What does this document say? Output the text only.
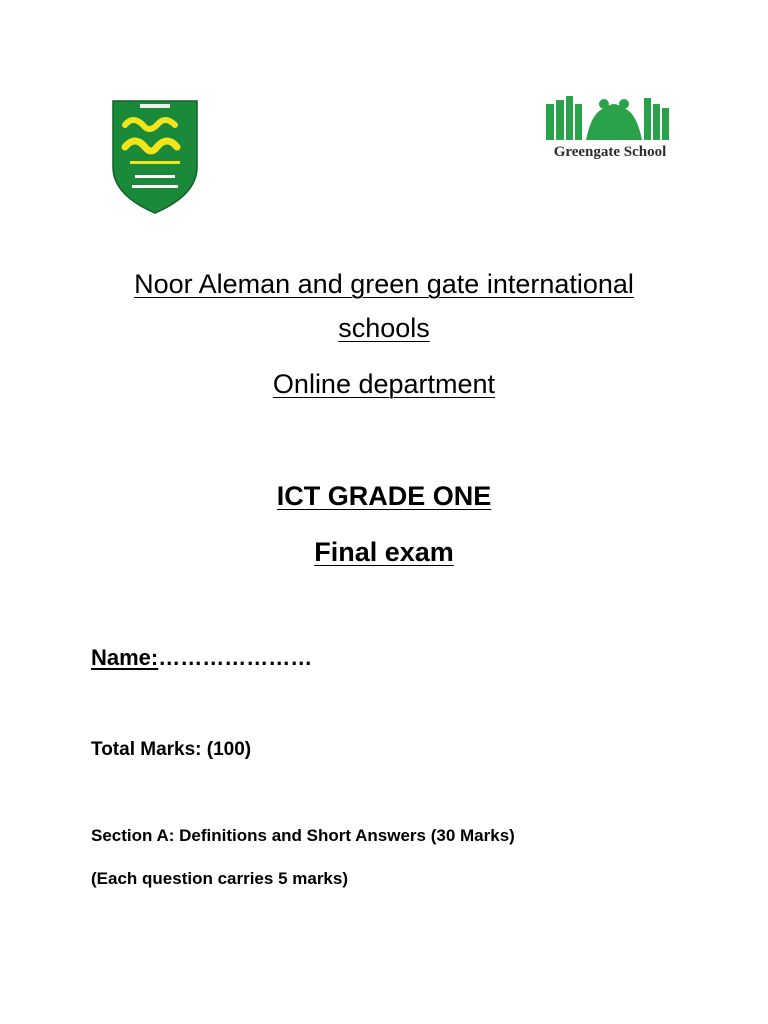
Greengate School
Noor Aleman and green gate international schools
Online department
ICT GRADE ONE
Final exam
Name:…………………
Total Marks: (100)
Section A: Definitions and Short Answers (30 Marks)
(Each question carries 5 marks)
